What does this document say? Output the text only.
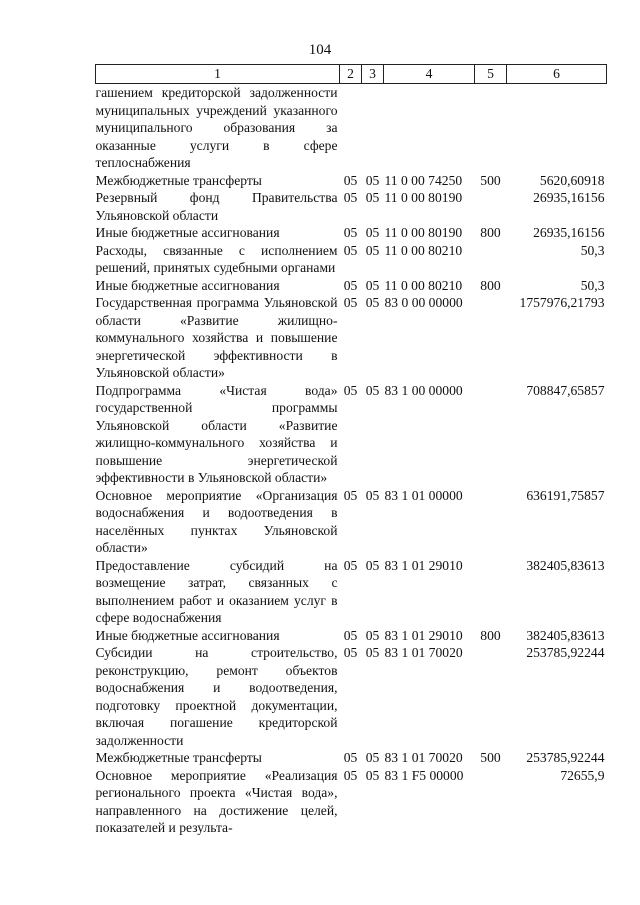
104
1	2	3	4	5	6
гашением кредиторской задолженности муниципальных учреждений указанного муниципального образования за оказанные услуги в сфере теплоснабжения					
Межбюджетные трансферты	05	05	11 0 00 74250	500	5620,60918
Резервный фонд Правительства Ульяновской области	05	05	11 0 00 80190		26935,16156
Иные бюджетные ассигнования	05	05	11 0 00 80190	800	26935,16156
Расходы, связанные с исполнением решений, принятых судебными органами	05	05	11 0 00 80210		50,3
Иные бюджетные ассигнования	05	05	11 0 00 80210	800	50,3
Государственная программа Ульяновской области «Развитие жилищно-коммунального хозяйства и повышение энергетической эффективности в Ульяновской области»	05	05	83 0 00 00000		1757976,21793
Подпрограмма «Чистая вода» государственной программы Ульяновской области «Развитие жилищно-коммунального хозяйства и повышение энергетической эффективности в Ульяновской области»	05	05	83 1 00 00000		708847,65857
Основное мероприятие «Организация водоснабжения и водоотведения в населённых пунктах Ульяновской области»	05	05	83 1 01 00000		636191,75857
Предоставление субсидий на возмещение затрат, связанных с выполнением работ и оказанием услуг в сфере водоснабжения	05	05	83 1 01 29010		382405,83613
Иные бюджетные ассигнования	05	05	83 1 01 29010	800	382405,83613
Субсидии на строительство, реконструкцию, ремонт объектов водоснабжения и водоотведения, подготовку проектной документации, включая погашение кредиторской задолженности	05	05	83 1 01 70020		253785,92244
Межбюджетные трансферты	05	05	83 1 01 70020	500	253785,92244
Основное мероприятие «Реализация регионального проекта «Чистая вода», направленного на достижение целей, показателей и результа-	05	05	83 1 F5 00000		72655,9
